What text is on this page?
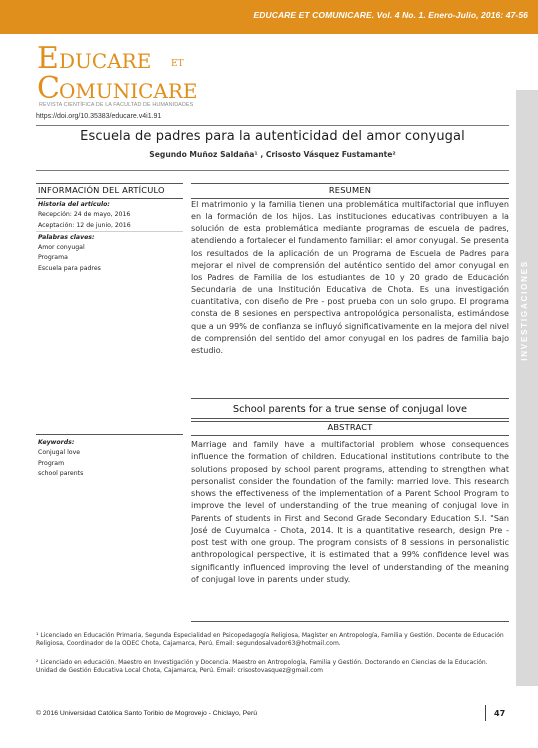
EDUCARE ET COMUNICARE. Vol. 4 No. 1. Enero-Julio, 2016: 47-56
E DUCARE ET
C OMUNICARE
REVISTA CIENTÍFICA DE LA FACULTAD DE HUMANIDADES
https://doi.org/10.35383/educare.v4i1.91
INVESTIGACIONES
Escuela de padres para la autenticidad del amor conyugal
Segundo Muñoz Saldaña¹ , Crisosto Vásquez Fustamante²
INFORMACIÓN DEL ARTÍCULO	RESUMEN
Historia del artículo:
Recepción: 24 de mayo, 2016
Aceptación: 12 de junio, 2016
Palabras claves:
Amor conyugal
Programa
Escuela para padres
El matrimonio y la familia tienen una problemática multifactorial que influyen en la formación de los hijos. Las instituciones educativas contribuyen a la solución de esta problemática mediante programas de escuela de padres, atendiendo a fortalecer el fundamento familiar: el amor conyugal. Se presenta los resultados de la aplicación de un Programa de Escuela de Padres para mejorar el nivel de comprensión del auténtico sentido del amor conyugal en los Padres de Familia de los estudiantes de 10 y 20 grado de Educación Secundaria de una Institución Educativa de Chota. Es una investigación cuantitativa, con diseño de Pre - post prueba con un solo grupo. El programa consta de 8 sesiones en perspectiva antropológica personalista, estimándose que a un 99% de confianza se influyó significativamente en la mejora del nivel de comprensión del sentido del amor conyugal en los padres de familia bajo estudio.
School parents for a true sense of conjugal love
ABSTRACT
Keywords:
Conjugal love
Program
school parents
Marriage and family have a multifactorial problem whose consequences influence the formation of children. Educational institutions contribute to the solutions proposed by school parent programs, attending to strengthen what personalist consider the foundation of the family: married love. This research shows the effectiveness of the implementation of a Parent School Program to improve the level of understanding of the true meaning of conjugal love in Parents of students in First and Second Grade Secondary Education S.I. "San José de Cuyumalca - Chota, 2014. It is a quantitative research, design Pre - post test with one group. The program consists of 8 sessions in personalistic anthropological perspective, it is estimated that a 99% confidence level was significantly influenced improving the level of understanding of the meaning of conjugal love in parents under study.

¹ Licenciado en Educación Primaria, Segunda Especialidad en Psicopedagogía Religiosa, Magíster en Antropología, Familia y Gestión. Docente de Educación Religiosa, Coordinador de la ODEC Chota, Cajamarca, Perú. Email: segundosalvador63@hotmail.com.

² Licenciado en educación. Maestro en Investigación y Docencia. Maestro en Antropología, Familia y Gestión. Doctorando en Ciencias de la Educación. Unidad de Gestión Educativa Local Chota, Cajamarca, Perú. Email: crisostovasquez@gmail.com

© 2016 Universidad Católica Santo Toribio de Mogrovejo - Chiclayo, Perú	47
